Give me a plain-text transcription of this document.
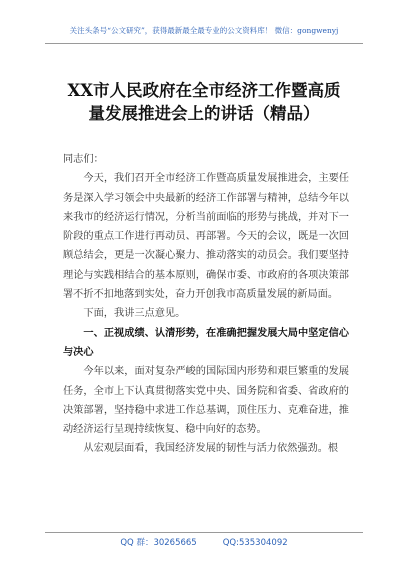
关注头条号“公文研究”，获得最新最全最专业的公文资料库！ 微信：gongwenyj
XX市人民政府在全市经济工作暨高质
量发展推进会上的讲话（精品）

同志们：

今天，我们召开全市经济工作暨高质量发展推进会，主要任务是深入学习领会中央最新的经济工作部署与精神，总结今年以来我市的经济运行情况，分析当前面临的形势与挑战，并对下一阶段的重点工作进行再动员、再部署。今天的会议，既是一次回顾总结会，更是一次凝心聚力、推动落实的动员会。我们要坚持理论与实践相结合的基本原则，确保市委、市政府的各项决策部署不折不扣地落到实处，奋力开创我市高质量发展的新局面。

下面，我讲三点意见。

一、正视成绩、认清形势，在准确把握发展大局中坚定信心与决心

今年以来，面对复杂严峻的国际国内形势和艰巨繁重的发展任务，全市上下认真贯彻落实党中央、国务院和省委、省政府的决策部署，坚持稳中求进工作总基调，顶住压力、克难奋进，推动经济运行呈现持续恢复、稳中向好的态势。

从宏观层面看，我国经济发展的韧性与活力依然强劲。根

QQ 群：30265665	QQ:535304092
